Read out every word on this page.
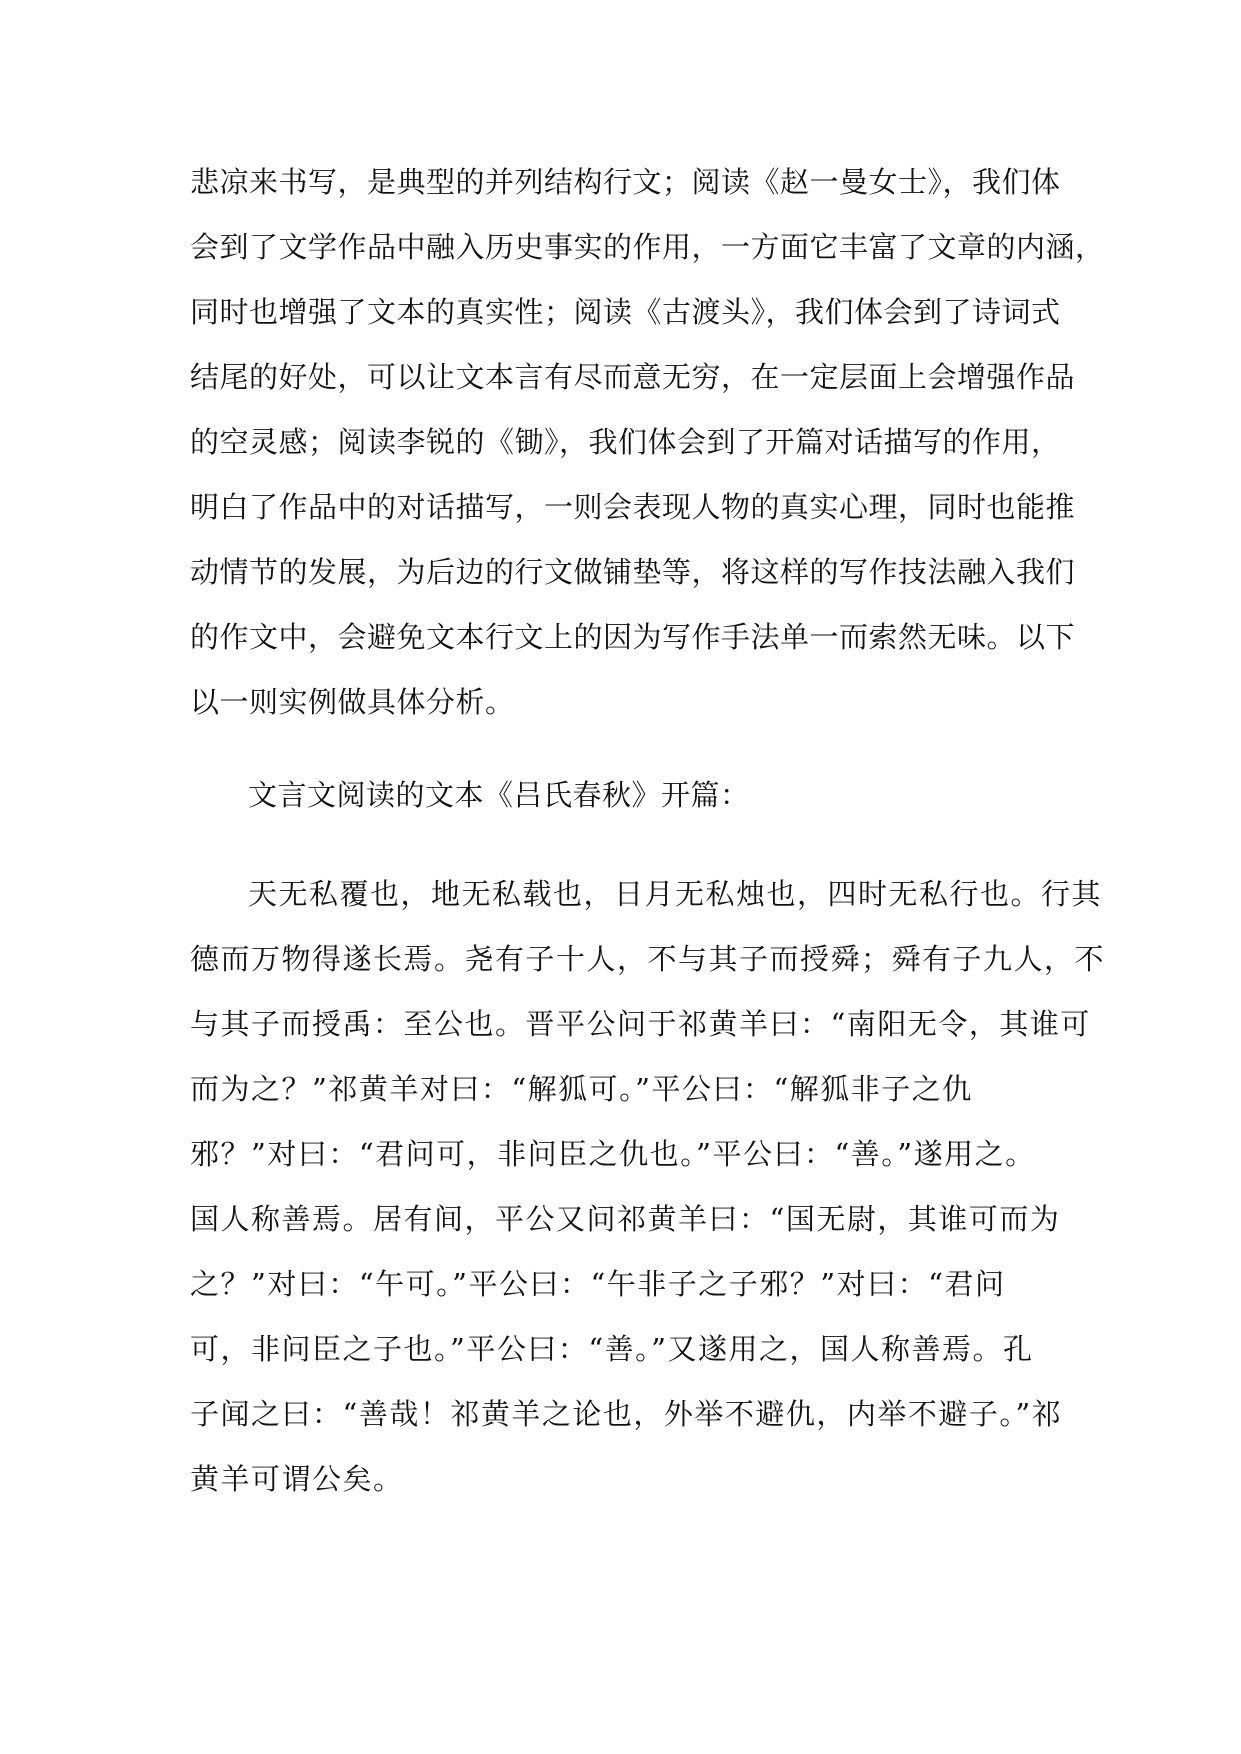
悲凉来书写，是典型的并列结构行文；阅读《赵一曼女士》，我们体
会到了文学作品中融入历史事实的作用，一方面它丰富了文章的内涵，
同时也增强了文本的真实性；阅读《古渡头》，我们体会到了诗词式
结尾的好处，可以让文本言有尽而意无穷，在一定层面上会增强作品
的空灵感；阅读李锐的《锄》，我们体会到了开篇对话描写的作用，
明白了作品中的对话描写，一则会表现人物的真实心理，同时也能推
动情节的发展，为后边的行文做铺垫等，将这样的写作技法融入我们
的作文中，会避免文本行文上的因为写作手法单一而索然无味。以下
以一则实例做具体分析。
文言文阅读的文本《吕氏春秋》开篇：
天无私覆也，地无私载也，日月无私烛也，四时无私行也。行其
德而万物得遂长焉。尧有子十人，不与其子而授舜；舜有子九人，不
与其子而授禹：至公也。晋平公问于祁黄羊曰：“南阳无令，其谁可
而为之？”祁黄羊对曰：“解狐可。”平公曰：“解狐非子之仇
邪？”对曰：“君问可，非问臣之仇也。”平公曰：“善。”遂用之。
国人称善焉。居有间，平公又问祁黄羊曰：“国无尉，其谁可而为
之？”对曰：“午可。”平公曰：“午非子之子邪？”对曰：“君问
可，非问臣之子也。”平公曰：“善。”又遂用之，国人称善焉。孔
子闻之曰：“善哉！祁黄羊之论也，外举不避仇，内举不避子。”祁
黄羊可谓公矣。
